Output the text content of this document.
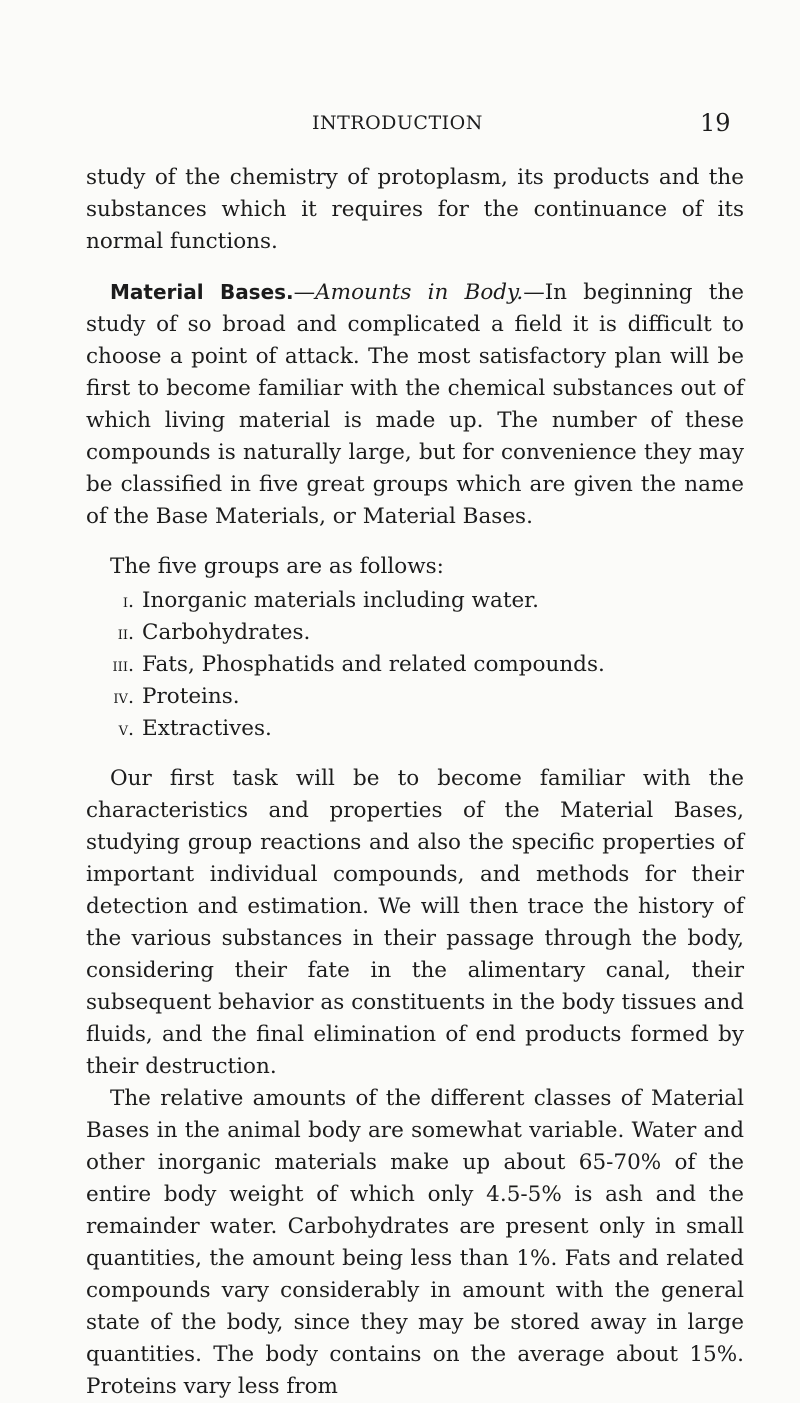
INTRODUCTION	19

study of the chemistry of protoplasm, its products and the substances which it requires for the continuance of its normal functions.

Material Bases.—Amounts in Body.—In beginning the study of so broad and complicated a field it is difficult to choose a point of attack. The most satisfactory plan will be first to become familiar with the chemical substances out of which living material is made up. The number of these compounds is naturally large, but for convenience they may be classified in five great groups which are given the name of the Base Materials, or Material Bases.

The five groups are as follows:

i. Inorganic materials including water.
ii. Carbohydrates.
iii. Fats, Phosphatids and related compounds.
iv. Proteins.
v. Extractives.

Our first task will be to become familiar with the characteristics and properties of the Material Bases, studying group reactions and also the specific properties of important individual compounds, and methods for their detection and estimation. We will then trace the history of the various substances in their passage through the body, considering their fate in the alimentary canal, their subsequent behavior as constituents in the body tissues and fluids, and the final elimination of end products formed by their destruction.

The relative amounts of the different classes of Material Bases in the animal body are somewhat variable. Water and other inorganic materials make up about 65-70% of the entire body weight of which only 4.5-5% is ash and the remainder water. Carbohydrates are present only in small quantities, the amount being less than 1%. Fats and related compounds vary considerably in amount with the general state of the body, since they may be stored away in large quantities. The body contains on the average about 15%. Proteins vary less from
